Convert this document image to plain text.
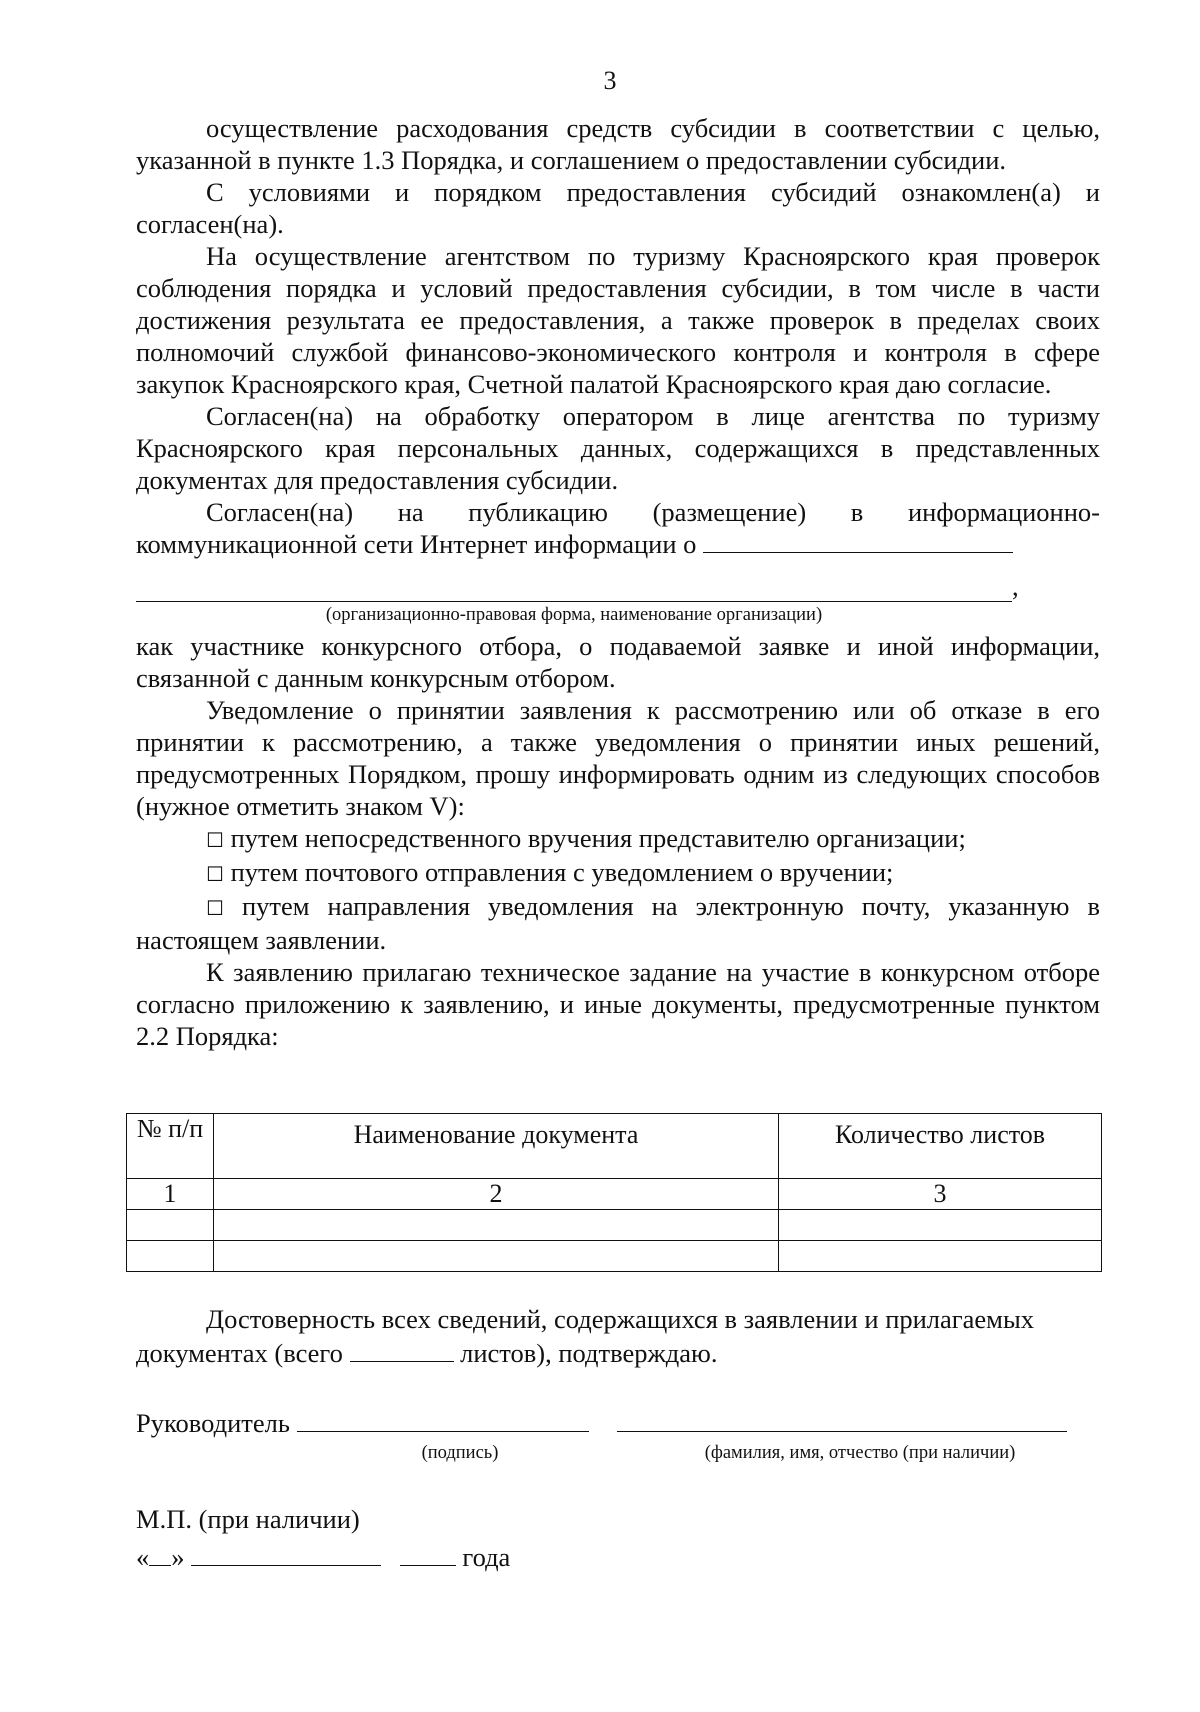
3

осуществление расходования средств субсидии в соответствии с целью, указанной в пункте 1.3 Порядка, и соглашением о предоставлении субсидии.

С условиями и порядком предоставления субсидий ознакомлен(а) и согласен(на).

На осуществление агентством по туризму Красноярского края проверок соблюдения порядка и условий предоставления субсидии, в том числе в части достижения результата ее предоставления, а также проверок в пределах своих полномочий службой финансово-экономического контроля и контроля в сфере закупок Красноярского края, Счетной палатой Красноярского края даю согласие.

Согласен(на) на обработку оператором в лице агентства по туризму Красноярского края персональных данных, содержащихся в представленных документах для предоставления субсидии.

Согласен(на) на публикацию (размещение) в информационно-коммуникационной сети Интернет информации о

,
(организационно-правовая форма, наименование организации)

как участнике конкурсного отбора, о подаваемой заявке и иной информации, связанной с данным конкурсным отбором.

Уведомление о принятии заявления к рассмотрению или об отказе в его принятии к рассмотрению, а также уведомления о принятии иных решений, предусмотренных Порядком, прошу информировать одним из следующих способов (нужное отметить знаком V):

☐ путем непосредственного вручения представителю организации;

☐ путем почтового отправления с уведомлением о вручении;

☐ путем направления уведомления на электронную почту, указанную в настоящем заявлении.

К заявлению прилагаю техническое задание на участие в конкурсном отборе согласно приложению к заявлению, и иные документы, предусмотренные пунктом 2.2 Порядка:

№ п/п	Наименование документа	Количество листов
1	2	3

Достоверность всех сведений, содержащихся в заявлении и прилагаемых документах (всего	листов), подтверждаю.
Руководитель
(подпись)	(фамилия, имя, отчество (при наличии)
М.П. (при наличии)
« »	года
